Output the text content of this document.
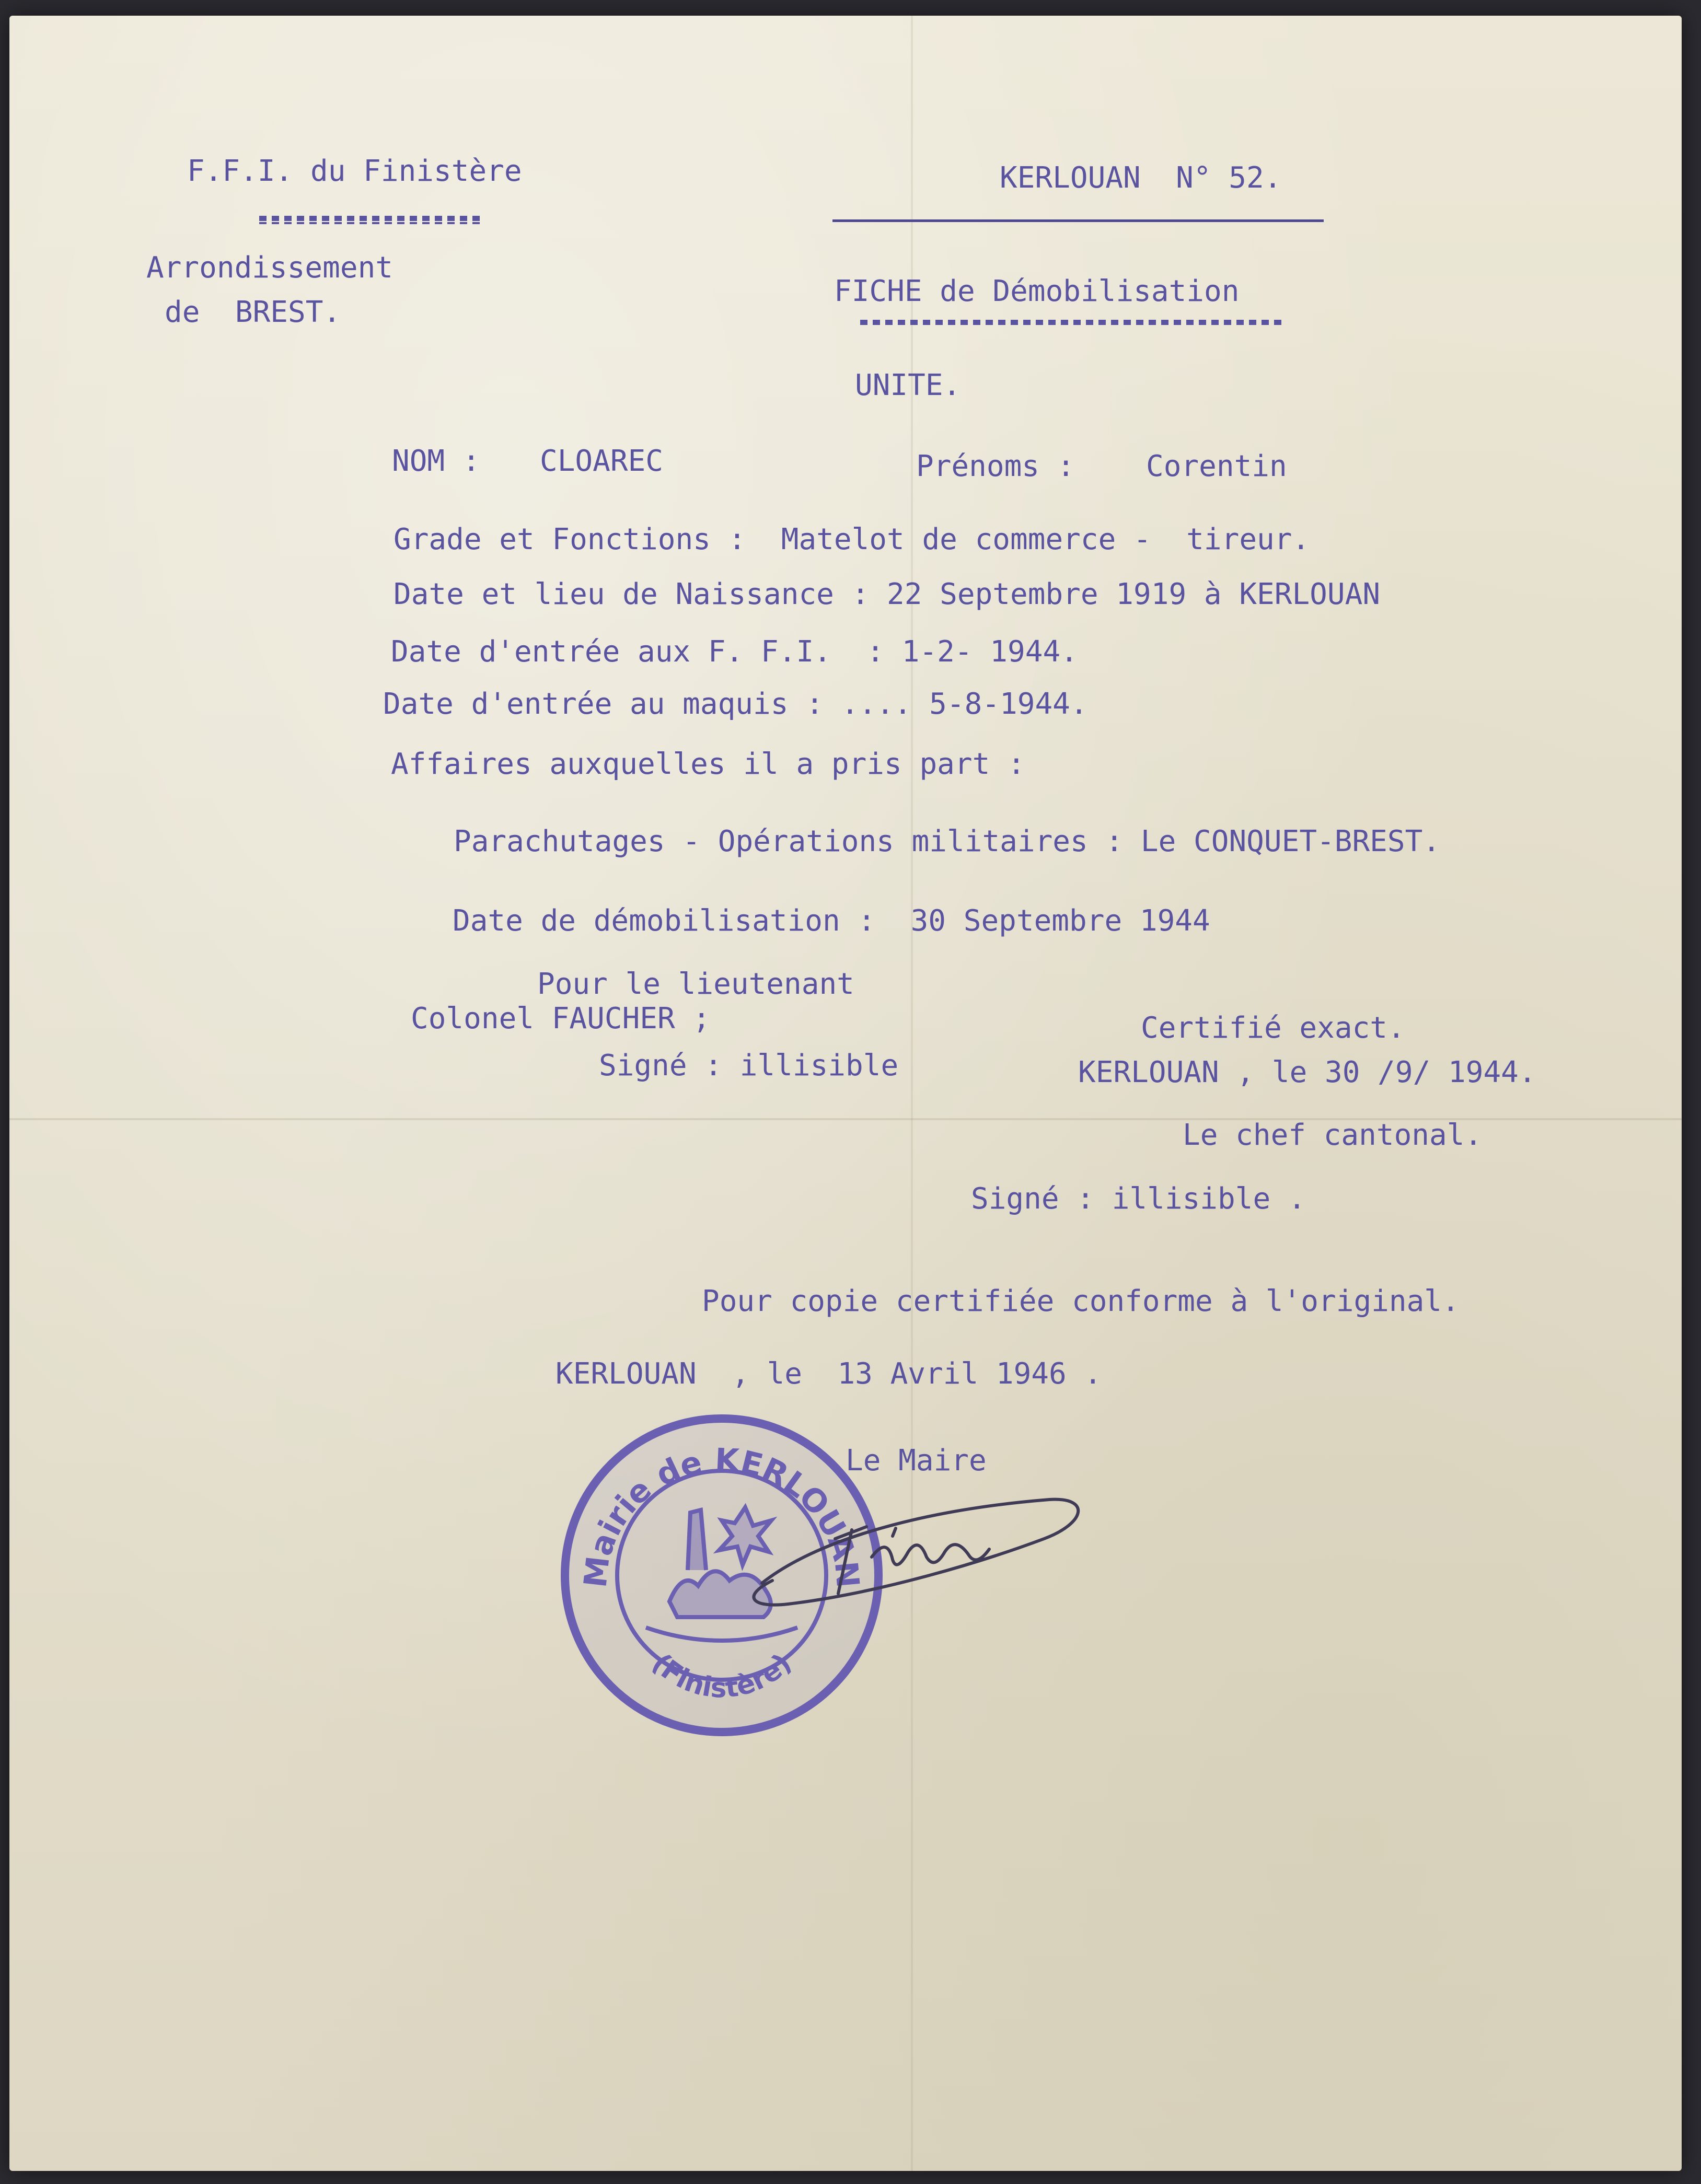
F.F.I. du Finistère
Arrondissement
de  BREST.
KERLOUAN  N° 52.
FICHE de Démobilisation
UNITE.
NOM : CLOAREC	Prénoms : Corentin
Grade et Fonctions :  Matelot de commerce -  tireur.
Date et lieu de Naissance : 22 Septembre 1919 à KERLOUAN
Date d'entrée aux F. F.I.  : 1-2- 1944.
Date d'entrée au maquis : .... 5-8-1944.
Affaires auxquelles il a pris part :
Parachutages - Opérations militaires : Le CONQUET-BREST.
Date de démobilisation :  30 Septembre 1944
Pour le lieutenant
Colonel FAUCHER ;
Signé : illisible
Certifié exact.
KERLOUAN , le 30 /9/ 1944.
Le chef cantonal.
Signé : illisible .
Pour copie certifiée conforme à l'original.
KERLOUAN  , le  13 Avril 1946 .
Le Maire
Mairie de KERLOUAN
(Finistère)
